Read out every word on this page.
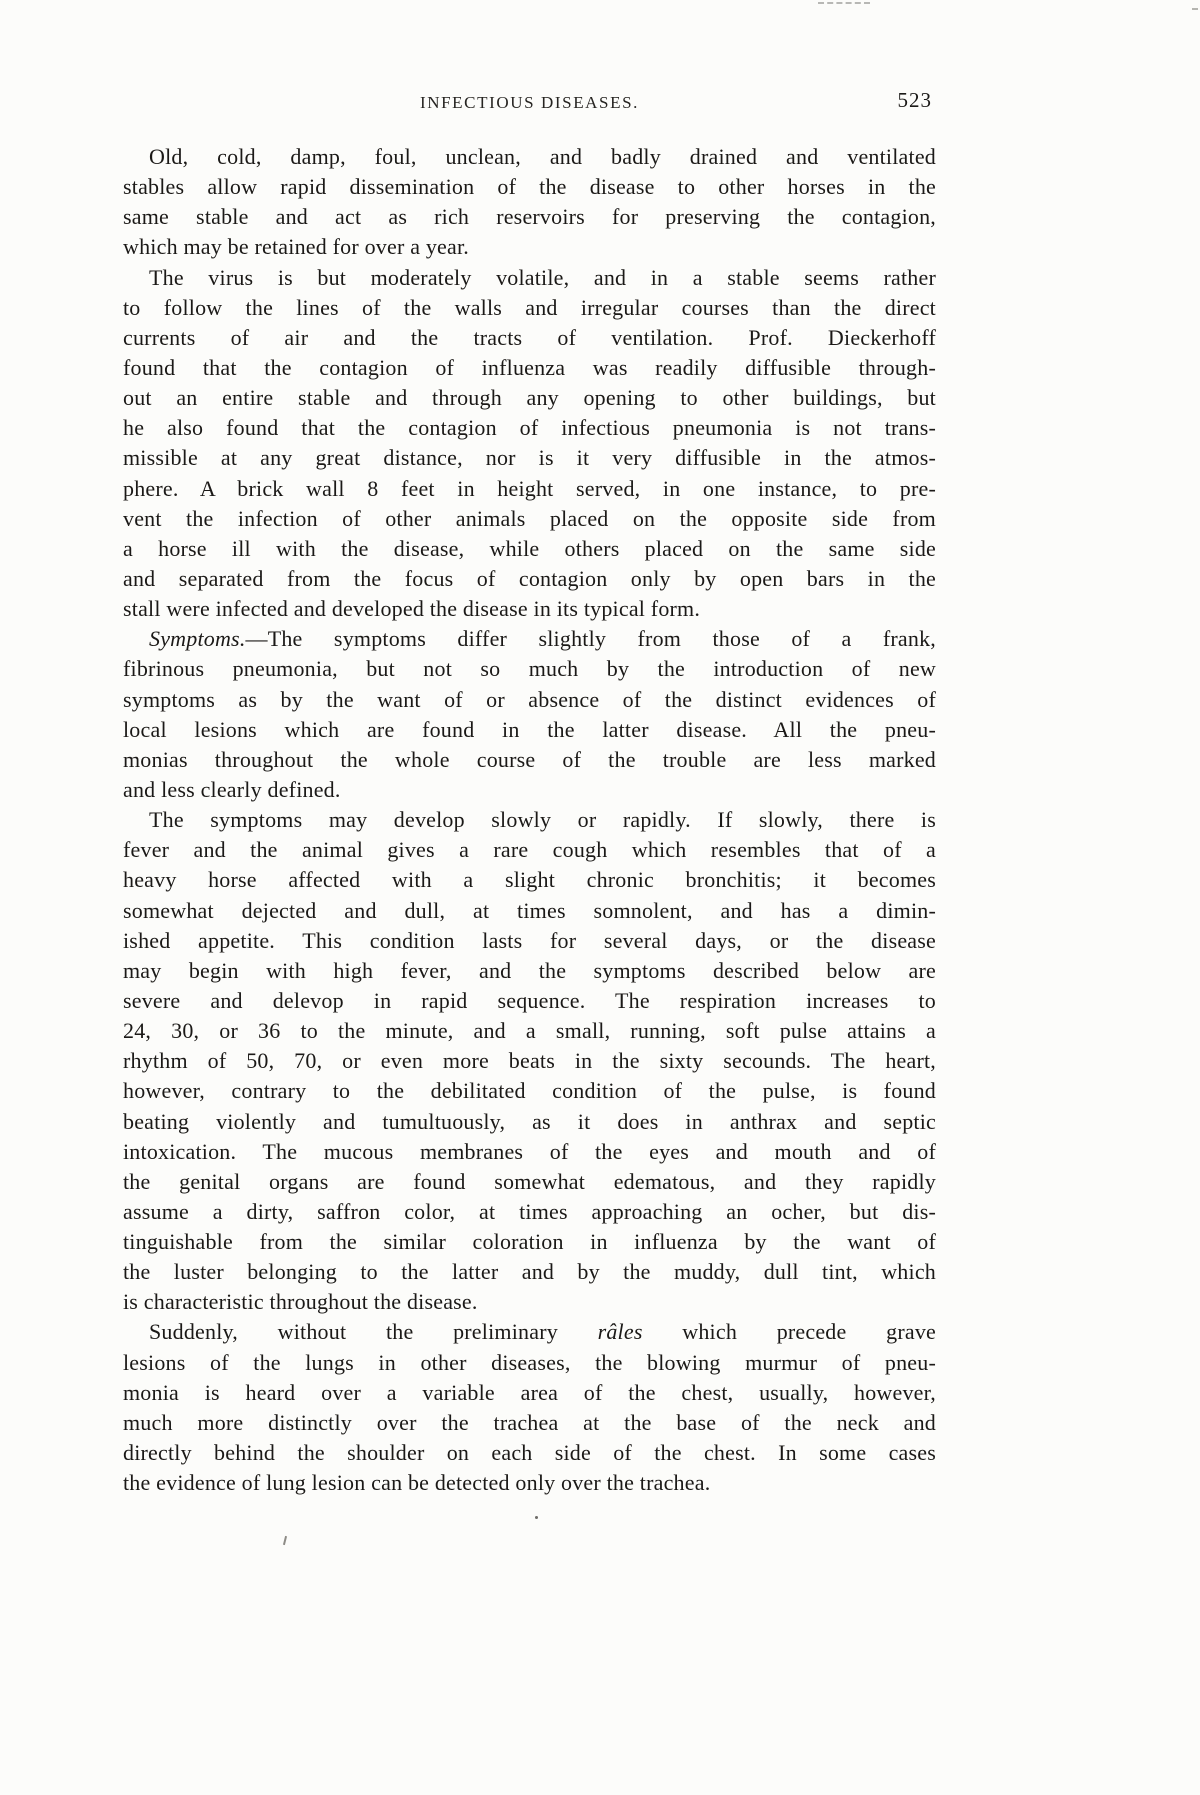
INFECTIOUS DISEASES.	523
Old, cold, damp, foul, unclean, and badly drained and ventilated
stables allow rapid dissemination of the disease to other horses in the
same stable and act as rich reservoirs for preserving the contagion,
which may be retained for over a year.
The virus is but moderately volatile, and in a stable seems rather
to follow the lines of the walls and irregular courses than the direct
currents of air and the tracts of ventilation. Prof. Dieckerhoff
found that the contagion of influenza was readily diffusible through-
out an entire stable and through any opening to other buildings, but
he also found that the contagion of infectious pneumonia is not trans-
missible at any great distance, nor is it very diffusible in the atmos-
phere. A brick wall 8 feet in height served, in one instance, to pre-
vent the infection of other animals placed on the opposite side from
a horse ill with the disease, while others placed on the same side
and separated from the focus of contagion only by open bars in the
stall were infected and developed the disease in its typical form.
Symptoms.—The symptoms differ slightly from those of a frank,
fibrinous pneumonia, but not so much by the introduction of new
symptoms as by the want of or absence of the distinct evidences of
local lesions which are found in the latter disease. All the pneu-
monias throughout the whole course of the trouble are less marked
and less clearly defined.
The symptoms may develop slowly or rapidly. If slowly, there is
fever and the animal gives a rare cough which resembles that of a
heavy horse affected with a slight chronic bronchitis; it becomes
somewhat dejected and dull, at times somnolent, and has a dimin-
ished appetite. This condition lasts for several days, or the disease
may begin with high fever, and the symptoms described below are
severe and delevop in rapid sequence. The respiration increases to
24, 30, or 36 to the minute, and a small, running, soft pulse attains a
rhythm of 50, 70, or even more beats in the sixty secounds. The heart,
however, contrary to the debilitated condition of the pulse, is found
beating violently and tumultuously, as it does in anthrax and septic
intoxication. The mucous membranes of the eyes and mouth and of
the genital organs are found somewhat edematous, and they rapidly
assume a dirty, saffron color, at times approaching an ocher, but dis-
tinguishable from the similar coloration in influenza by the want of
the luster belonging to the latter and by the muddy, dull tint, which
is characteristic throughout the disease.
Suddenly, without the preliminary râles which precede grave
lesions of the lungs in other diseases, the blowing murmur of pneu-
monia is heard over a variable area of the chest, usually, however,
much more distinctly over the trachea at the base of the neck and
directly behind the shoulder on each side of the chest. In some cases
the evidence of lung lesion can be detected only over the trachea.
